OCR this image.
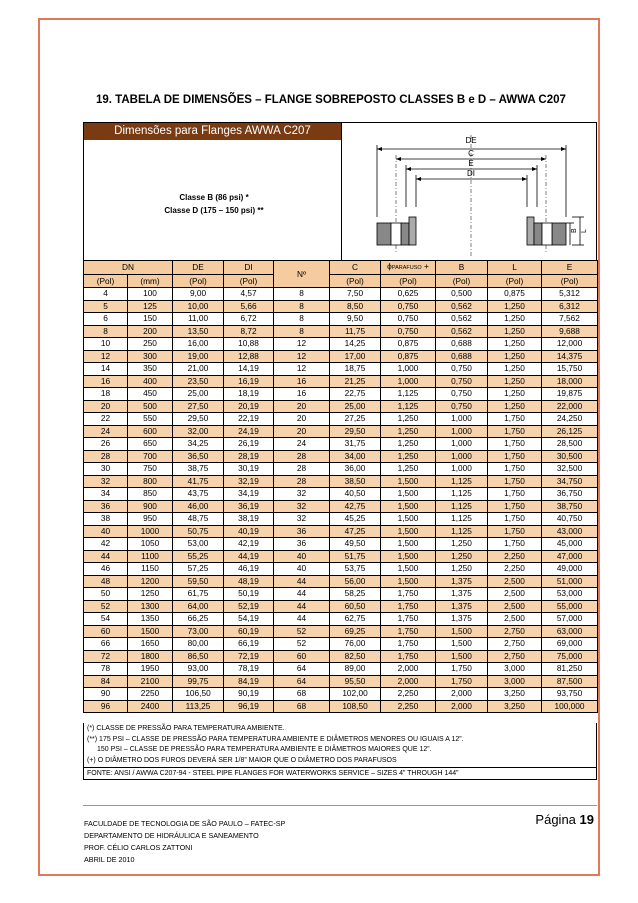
19. TABELA DE DIMENSÕES – FLANGE SOBREPOSTO CLASSES B e D – AWWA C207
Dimensões para Flanges AWWA C207
Classe B (86 psi) *
Classe D (175 – 150 psi) **
DE
C
E
DI
B L
DN		DE	DI	Nº	C	ϕPARAFUSO +	B	L	E
(Pol)	(mm)	(Pol)	(Pol)		(Pol)	(Pol)	(Pol)	(Pol)	(Pol)
4	100	9,00	4,57	8	7,50	0,625	0,500	0,875	5,312
5	125	10,00	5,66	8	8,50	0,750	0,562	1,250	6,312
6	150	11,00	6,72	8	9,50	0,750	0,562	1,250	7,562
8	200	13,50	8,72	8	11,75	0,750	0,562	1,250	9,688
10	250	16,00	10,88	12	14,25	0,875	0,688	1,250	12,000
12	300	19,00	12,88	12	17,00	0,875	0,688	1,250	14,375
14	350	21,00	14,19	12	18,75	1,000	0,750	1,250	15,750
16	400	23,50	16,19	16	21,25	1,000	0,750	1,250	18,000
18	450	25,00	18,19	16	22,75	1,125	0,750	1,250	19,875
20	500	27,50	20,19	20	25,00	1,125	0,750	1,250	22,000
22	550	29,50	22,19	20	27,25	1,250	1,000	1,750	24,250
24	600	32,00	24,19	20	29,50	1,250	1,000	1,750	26,125
26	650	34,25	26,19	24	31,75	1,250	1,000	1,750	28,500
28	700	36,50	28,19	28	34,00	1,250	1,000	1,750	30,500
30	750	38,75	30,19	28	36,00	1,250	1,000	1,750	32,500
32	800	41,75	32,19	28	38,50	1,500	1,125	1,750	34,750
34	850	43,75	34,19	32	40,50	1,500	1,125	1,750	36,750
36	900	46,00	36,19	32	42,75	1,500	1,125	1,750	38,750
38	950	48,75	38,19	32	45,25	1,500	1,125	1,750	40,750
40	1000	50,75	40,19	36	47,25	1,500	1,125	1,750	43,000
42	1050	53,00	42,19	36	49,50	1,500	1,250	1,750	45,000
44	1100	55,25	44,19	40	51,75	1,500	1,250	2,250	47,000
46	1150	57,25	46,19	40	53,75	1,500	1,250	2,250	49,000
48	1200	59,50	48,19	44	56,00	1,500	1,375	2,500	51,000
50	1250	61,75	50,19	44	58,25	1,750	1,375	2,500	53,000
52	1300	64,00	52,19	44	60,50	1,750	1,375	2,500	55,000
54	1350	66,25	54,19	44	62,75	1,750	1,375	2,500	57,000
60	1500	73,00	60,19	52	69,25	1,750	1,500	2,750	63,000
66	1650	80,00	66,19	52	76,00	1,750	1,500	2,750	69,000
72	1800	86,50	72,19	60	82,50	1,750	1,500	2,750	75,000
78	1950	93,00	78,19	64	89,00	2,000	1,750	3,000	81,250
84	2100	99,75	84,19	64	95,50	2,000	1,750	3,000	87,500
90	2250	106,50	90,19	68	102,00	2,250	2,000	3,250	93,750
96	2400	113,25	96,19	68	108,50	2,250	2,000	3,250	100,000
(*) CLASSE DE PRESSÃO PARA TEMPERATURA AMBIENTE.
(**) 175 PSI – CLASSE DE PRESSÃO PARA TEMPERATURA AMBIENTE E DIÂMETROS MENORES OU IGUAIS A 12”.
150 PSI – CLASSE DE PRESSÃO PARA TEMPERATURA AMBIENTE E DIÂMETROS MAIORES QUE 12”.
(+) O DIÂMETRO DOS FUROS DEVERÁ SER 1/8” MAIOR QUE O DIÂMETRO DOS PARAFUSOS
FONTE: ANSI / AWWA C207-94 - STEEL PIPE FLANGES FOR WATERWORKS SERVICE – SIZES 4” THROUGH 144”
FACULDADE DE TECNOLOGIA DE SÃO PAULO – FATEC-SP
DEPARTAMENTO DE HIDRÁULICA E SANEAMENTO
PROF. CÉLIO CARLOS ZATTONI
ABRIL DE 2010
Página 19
